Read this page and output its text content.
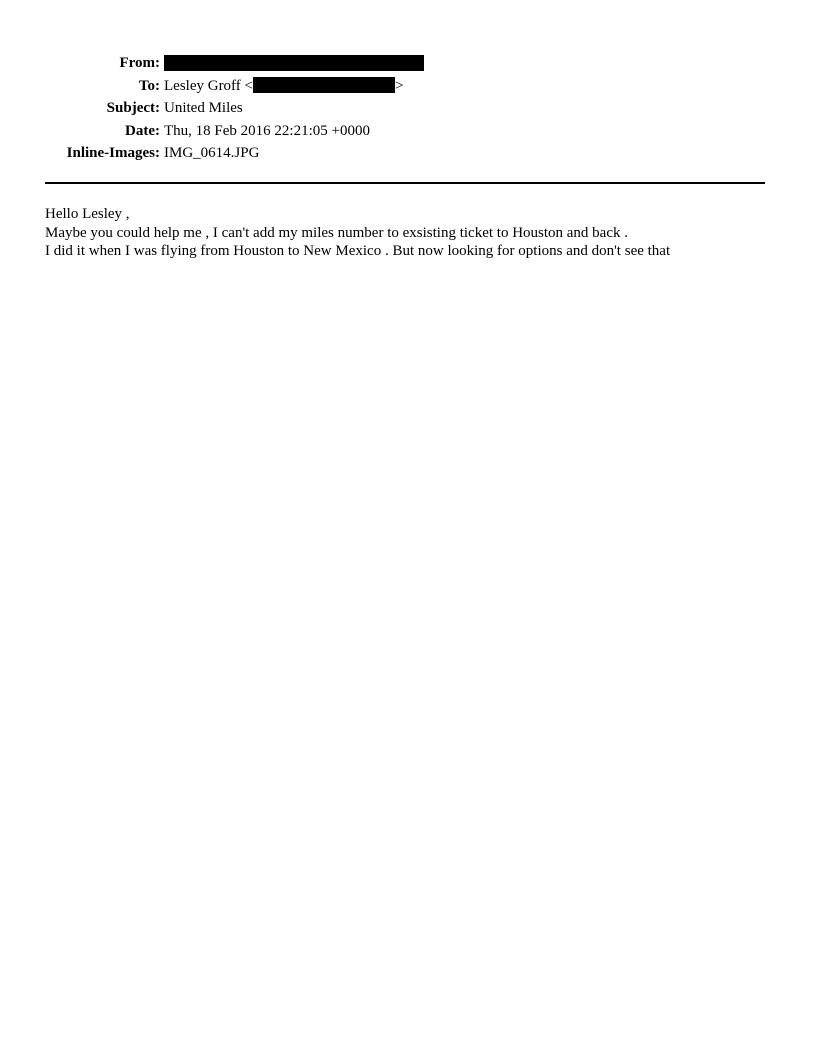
From:
To: Lesley Groff <	>
Subject: United Miles
Date: Thu, 18 Feb 2016 22:21:05 +0000
Inline-Images: IMG_0614.JPG
Hello Lesley ,
Maybe you could help me , I can't add my miles number to exsisting ticket to Houston and back .
I did it when I was flying from Houston to New Mexico . But now looking for options and don't see that
